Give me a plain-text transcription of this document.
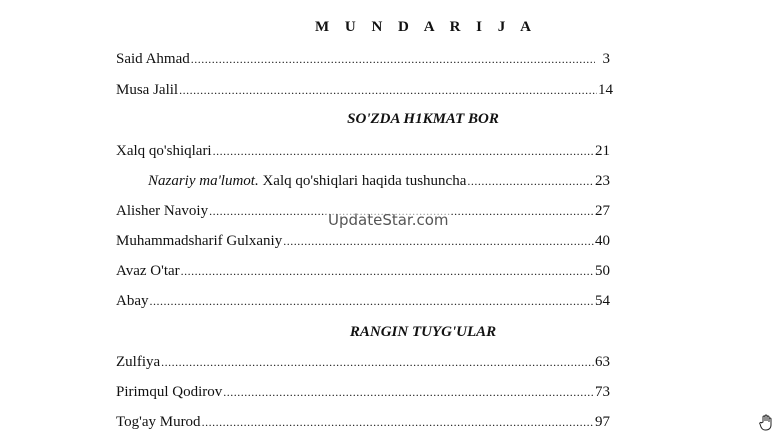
M U N D A R I J A
Said Ahmad .....	3
Musa Jalil .....	14
SO'ZDA H1KMAT BOR
Xalq qo'shiqlari .....	21
Nazariy ma'lumot. Xalq qo'shiqlari haqida tushuncha .....	23
Alisher Navoiy .....	27
Muhammadsharif Gulxaniy .....	40
Avaz O'tar .....	50
Abay .....	54
RANGIN TUYG'ULAR
Zulfiya .....	63
Pirimqul Qodirov .....	73
Tog'ay Murod .....	97
UpdateStar.com
